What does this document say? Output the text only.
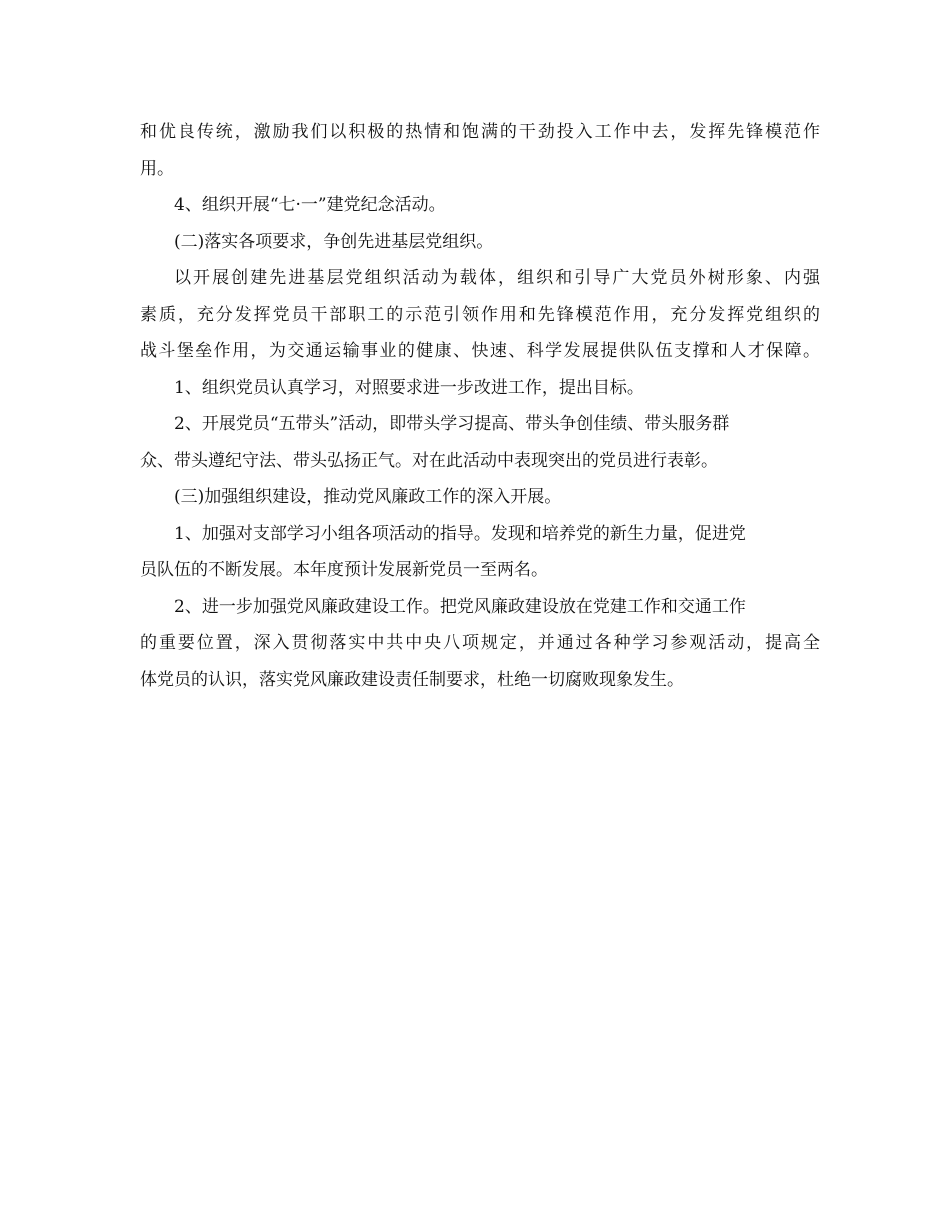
和优良传统，激励我们以积极的热情和饱满的干劲投入工作中去，发挥先锋模范作
用。
4、组织开展“七·一”建党纪念活动。
(二)落实各项要求，争创先进基层党组织。
以开展创建先进基层党组织活动为载体，组织和引导广大党员外树形象、内强
素质，充分发挥党员干部职工的示范引领作用和先锋模范作用，充分发挥党组织的
战斗堡垒作用，为交通运输事业的健康、快速、科学发展提供队伍支撑和人才保障。
1、组织党员认真学习，对照要求进一步改进工作，提出目标。
2、开展党员“五带头”活动，即带头学习提高、带头争创佳绩、带头服务群
众、带头遵纪守法、带头弘扬正气。对在此活动中表现突出的党员进行表彰。
(三)加强组织建设，推动党风廉政工作的深入开展。
1、加强对支部学习小组各项活动的指导。发现和培养党的新生力量，促进党
员队伍的不断发展。本年度预计发展新党员一至两名。
2、进一步加强党风廉政建设工作。把党风廉政建设放在党建工作和交通工作
的重要位置，深入贯彻落实中共中央八项规定，并通过各种学习参观活动，提高全
体党员的认识，落实党风廉政建设责任制要求，杜绝一切腐败现象发生。
